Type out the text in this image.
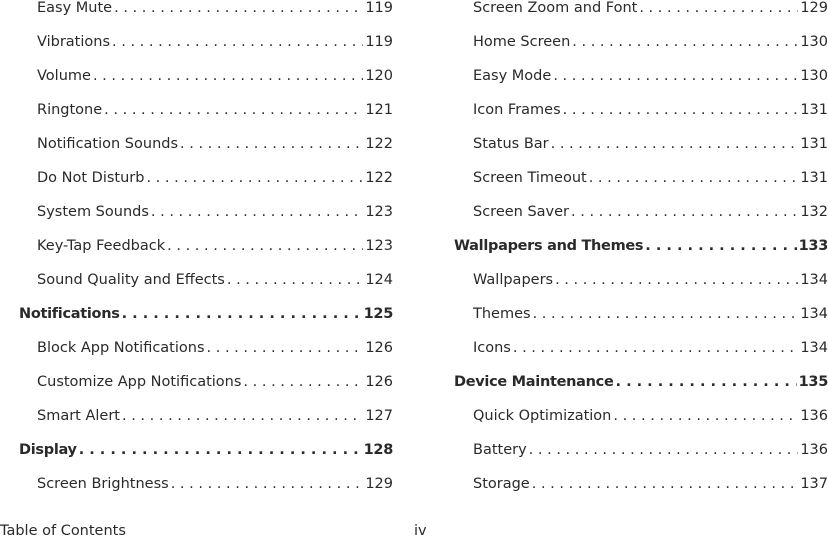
Easy Mute . . .	119
Vibrations . . .	119
Volume . . .	120
Ringtone . . .	121
Notification Sounds . . .	122
Do Not Disturb . . .	122
System Sounds . . .	123
Key-Tap Feedback . . .	123
Sound Quality and Effects . . .	124
Notifications . . .	125
Block App Notifications . . .	126
Customize App Notifications . . .	126
Smart Alert . . .	127
Display . . .	128
Screen Brightness . . .	129
Screen Zoom and Font . . .	129
Home Screen . . .	130
Easy Mode . . .	130
Icon Frames . . .	131
Status Bar . . .	131
Screen Timeout . . .	131
Screen Saver . . .	132
Wallpapers and Themes . . .	133
Wallpapers . . .	134
Themes . . .	134
Icons . . .	134
Device Maintenance . . .	135
Quick Optimization . . .	136
Battery . . .	136
Storage . . .	137
Table of Contents	iv
